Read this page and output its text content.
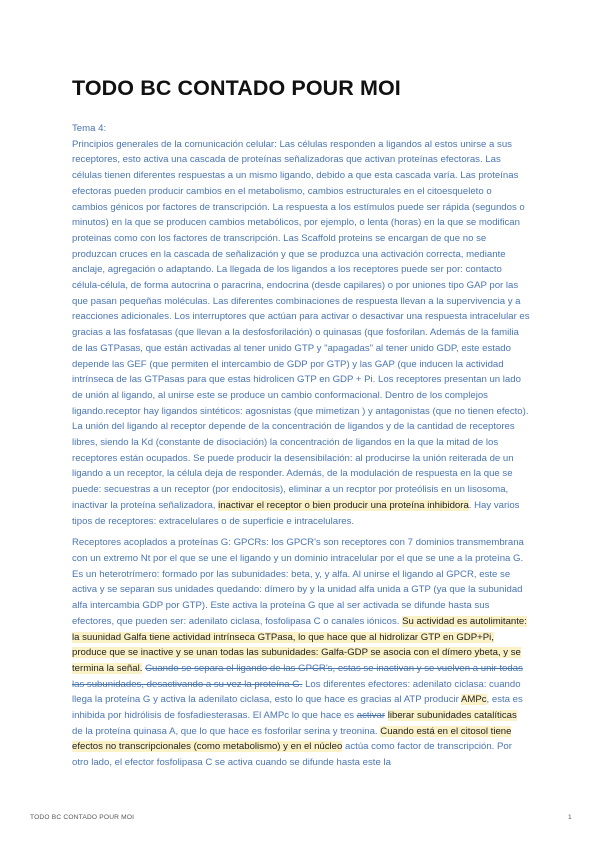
TODO BC CONTADO POUR MOI

Tema 4:

Principios generales de la comunicación celular: Las células responden a ligandos al estos unirse a sus receptores, esto activa una cascada de proteínas señalizadoras que activan proteínas efectoras. Las células tienen diferentes respuestas a un mismo ligando, debido a que esta cascada varía. Las proteínas efectoras pueden producir cambios en el metabolismo, cambios estructurales en el citoesqueleto o cambios génicos por factores de transcripción. La respuesta a los estímulos puede ser rápida (segundos o minutos) en la que se producen cambios metabólicos, por ejemplo, o lenta (horas) en la que se modifican proteinas como con los factores de transcripción. Las Scaffold proteins se encargan de que no se produzcan cruces en la cascada de señalización y que se produzca una activación correcta, mediante anclaje, agregación o adaptando. La llegada de los ligandos a los receptores puede ser por: contacto célula-célula, de forma autocrina o paracrina, endocrina (desde capilares) o por uniones tipo GAP por las que pasan pequeñas moléculas. Las diferentes combinaciones de respuesta llevan a la supervivencia y a reacciones adicionales. Los interruptores que actúan para activar o desactivar una respuesta intracelular es gracias a las fosfatasas (que llevan a la desfosforilación) o quinasas (que fosforilan. Además de la familia de las GTPasas, que están activadas al tener unido GTP y "apagadas" al tener unido GDP, este estado depende las GEF (que permiten el intercambio de GDP por GTP) y las GAP (que inducen la actividad intrínseca de las GTPasas para que estas hidrolicen GTP en GDP + Pi. Los receptores presentan un lado de unión al ligando, al unirse este se produce un cambio conformacional. Dentro de los complejos ligando.receptor hay ligandos sintéticos: agosnistas (que mimetizan ) y antagonistas (que no tienen efecto). La unión del ligando al receptor depende de la concentración de ligandos y de la cantidad de receptores libres, siendo la Kd (constante de disociación) la concentración de ligandos en la que la mitad de los receptores están ocupados. Se puede producir la desensibilación: al producirse la unión reiterada de un ligando a un receptor, la célula deja de responder. Además, de la modulación de respuesta en la que se puede: secuestras a un receptor (por endocitosis), eliminar a un recptor por proteólisis en un lisosoma, inactivar la proteína señalizadora, inactivar el receptor o bien producir una proteína inhibidora. Hay varios tipos de receptores: extracelulares o de superficie e intracelulares.

Receptores acoplados a proteínas G: GPCRs: los GPCR's son receptores con 7 dominios transmembrana con un extremo Nt por el que se une el ligando y un dominio intracelular por el que se une a la proteína G. Es un heterotrímero: formado por las subunidades: beta, y, y alfa. Al unirse el ligando al GPCR, este se activa y se separan sus unidades quedando: dímero by y la unidad alfa unida a GTP (ya que la subunidad alfa intercambia GDP por GTP). Este activa la proteína G que al ser activada se difunde hasta sus efectores, que pueden ser: adenilato ciclasa, fosfolipasa C o canales iónicos. Su actividad es autolimitante: la suunidad Galfa tiene actividad intrínseca GTPasa, lo que hace que al hidrolizar GTP en GDP+Pi, produce que se inactive y se unan todas las subunidades: Galfa-GDP se asocia con el dímero ybeta, y se termina la señal. Cuando se separa el ligando de las GPCR's, estas se inactivan y se vuelven a unir todas las subunidades, desactivando a su vez la proteína G. Los diferentes efectores: adenilato ciclasa: cuando llega la proteína G y activa la adenilato ciclasa, esto lo que hace es gracias al ATP producir AMPc, esta es inhibida por hidrólisis de fosfadiesterasas. El AMPc lo que hace es activar liberar subunidades catalíticas de la proteína quinasa A, que lo que hace es fosforilar serina y treonina. Cuando está en el citosol tiene efectos no transcripcionales (como metabolismo) y en el núcleo actúa como factor de transcripción. Por otro lado, el efector fosfolipasa C se activa cuando se difunde hasta este la

TODO BC CONTADO POUR MOI	1
